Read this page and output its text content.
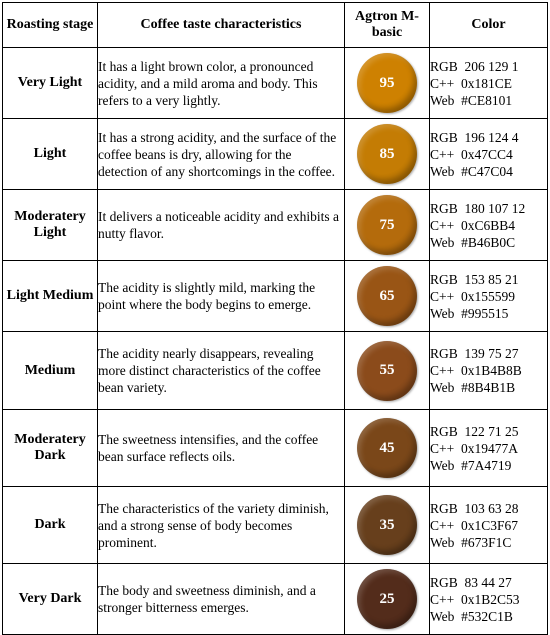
Roasting stage	Coffee taste characteristics	Agtron M-basic	Color
Very Light	It has a light brown color, a pronounced acidity, and a mild aroma and body. This refers to a very lightly.	95	RGB  206 129 1
C++  0x181CE
Web  #CE8101

Light	It has a strong acidity, and the surface of the coffee beans is dry, allowing for the detection of any shortcomings in the coffee.	85	RGB  196 124 4
C++  0x47CC4
Web  #C47C04

Moderatery Light	It delivers a noticeable acidity and exhibits a nutty flavor.	75	RGB  180 107 12
C++  0xC6BB4
Web  #B46B0C

Light Medium	The acidity is slightly mild, marking the point where the body begins to emerge.	65	RGB  153 85 21
C++  0x155599
Web  #995515

Medium	The acidity nearly disappears, revealing more distinct characteristics of the coffee bean variety.	55	RGB  139 75 27
C++  0x1B4B8B
Web  #8B4B1B

Moderatery Dark	The sweetness intensifies, and the coffee bean surface reflects oils.	45	RGB  122 71 25
C++  0x19477A
Web  #7A4719

Dark	The characteristics of the variety diminish, and a strong sense of body becomes prominent.	35	RGB  103 63 28
C++  0x1C3F67
Web  #673F1C

Very Dark	The body and sweetness diminish, and a stronger bitterness emerges.	25	RGB  83 44 27
C++  0x1B2C53
Web  #532C1B
